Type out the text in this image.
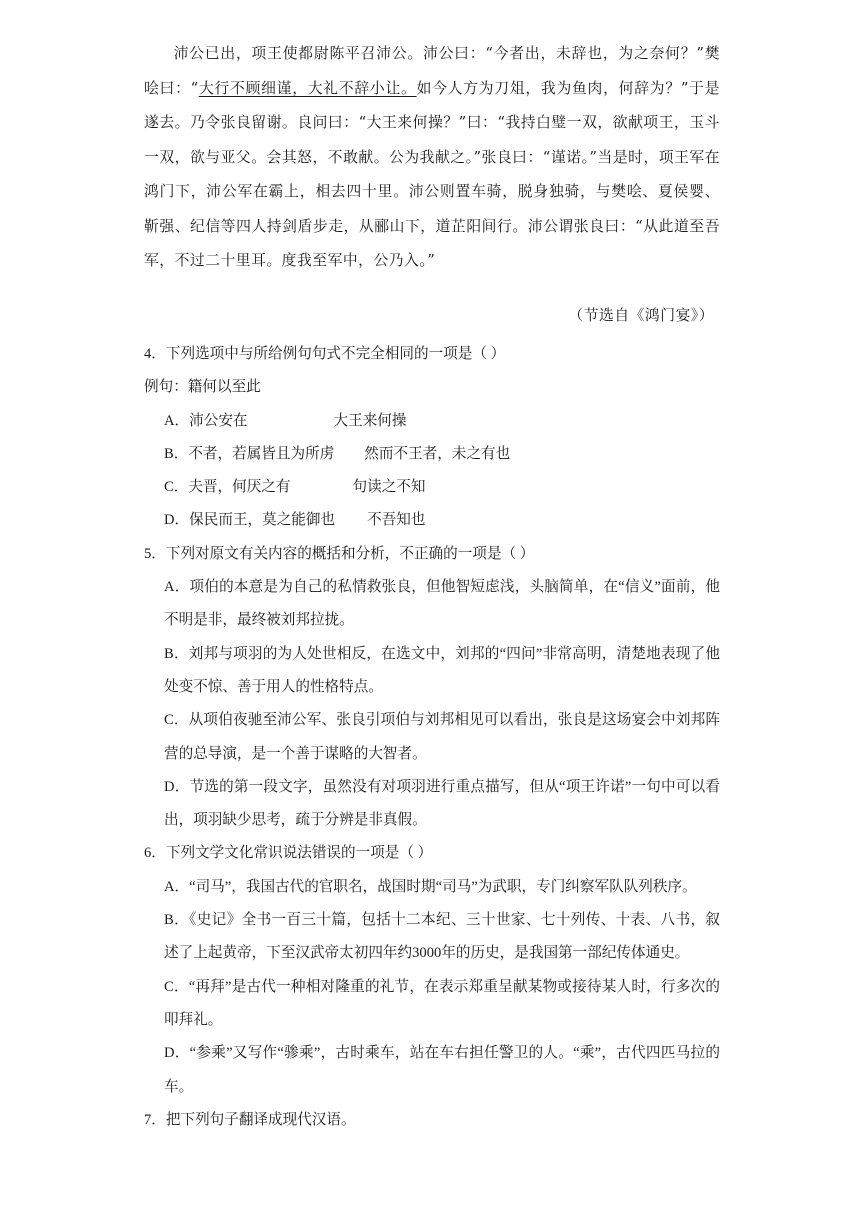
沛公已出，项王使都尉陈平召沛公。沛公曰：“今者出，未辞也，为之奈何？”樊哙曰：“大行不顾细谨，大礼不辞小让。如今人方为刀俎，我为鱼肉，何辞为？”于是遂去。乃令张良留谢。良问曰：“大王来何操？”曰：“我持白璧一双，欲献项王，玉斗一双，欲与亚父。会其怒，不敢献。公为我献之。”张良曰：“谨诺。”当是时，项王军在鸿门下，沛公军在霸上，相去四十里。沛公则置车骑，脱身独骑，与樊哙、夏侯婴、靳强、纪信等四人持剑盾步走，从郦山下，道芷阳间行。沛公谓张良曰：“从此道至吾军，不过二十里耳。度我至军中，公乃入。”

（节选自《鸿门宴》）

4．下列选项中与所给例句句式不完全相同的一项是（ ）

例句：籍何以至此

A．沛公安在	大王来何操

B．不者，若属皆且为所虏 然而不王者，未之有也

C．夫晋，何厌之有	句读之不知

D．保民而王，莫之能御也 不吾知也

5．下列对原文有关内容的概括和分析，不正确的一项是（ ）

A．项伯的本意是为自己的私情救张良，但他智短虑浅，头脑简单，在“信义”面前，他不明是非，最终被刘邦拉拢。

B．刘邦与项羽的为人处世相反，在选文中，刘邦的“四问”非常高明，清楚地表现了他处变不惊、善于用人的性格特点。

C．从项伯夜驰至沛公军、张良引项伯与刘邦相见可以看出，张良是这场宴会中刘邦阵营的总导演，是一个善于谋略的大智者。

D．节选的第一段文字，虽然没有对项羽进行重点描写，但从“项王许诺”一句中可以看出，项羽缺少思考，疏于分辨是非真假。

6．下列文学文化常识说法错误的一项是（ ）

A．“司马”，我国古代的官职名，战国时期“司马”为武职，专门纠察军队队列秩序。

B．《史记》全书一百三十篇，包括十二本纪、三十世家、七十列传、十表、八书，叙述了上起黄帝，下至汉武帝太初四年约3000年的历史，是我国第一部纪传体通史。

C．“再拜”是古代一种相对隆重的礼节，在表示郑重呈献某物或接待某人时，行多次的叩拜礼。

D．“参乘”又写作“骖乘”，古时乘车，站在车右担任警卫的人。“乘”，古代四匹马拉的车。

7．把下列句子翻译成现代汉语。
